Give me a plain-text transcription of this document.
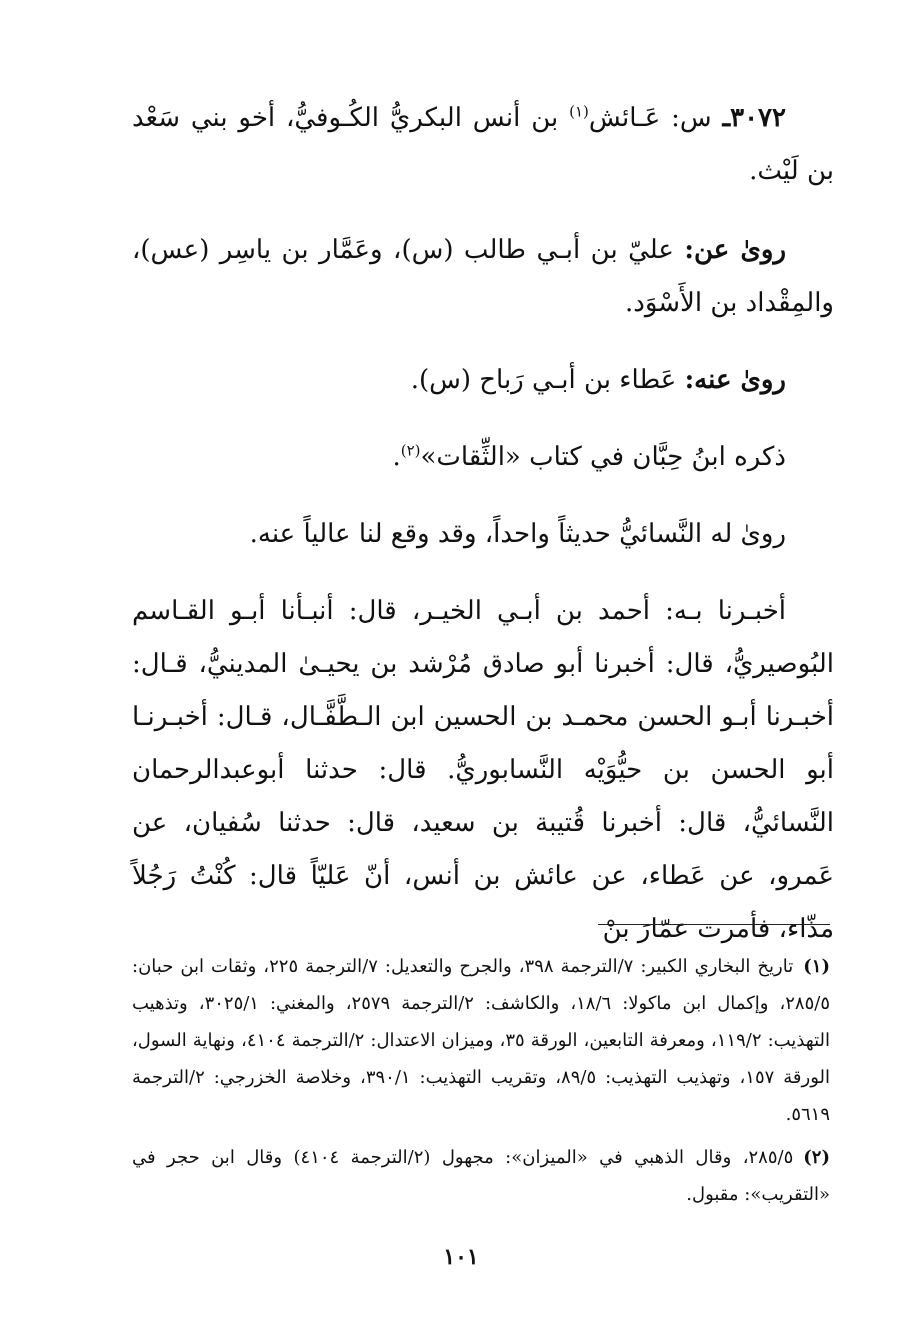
٣٠٧٢ـ س: عَـائش$^{(١)}$ بن أنس البكريُّ الكُـوفيُّ، أخو بني سَعْد بن لَيْث.

روىٰ عن: عليّ بن أبـي طالب (س)، وعَمَّار بن ياسِر (عس)، والمِقْداد بن الأَسْوَد.

روىٰ عنه: عَطاء بن أبـي رَباح (س).

ذكره ابنُ حِبَّان في كتاب «الثِّقات»$^{(٢)}$.

روىٰ له النَّسائيُّ حديثاً واحداً، وقد وقع لنا عالياً عنه.

أخبـرنا بـه: أحمد بن أبـي الخيـر، قال: أنبـأنا أبـو القـاسم البُوصيريُّ، قال: أخبرنا أبو صادق مُرْشد بن يحيـىٰ المدينيُّ، قـال: أخبـرنا أبـو الحسن محمـد بن الحسين ابن الـطَّفَّـال، قـال: أخبـرنـا أبو الحسن بن حيُّوَيْه النَّسابوريُّ. قال: حدثنا أبوعبدالرحمان النَّسائيُّ، قال: أخبرنا قُتيبة بن سعيد، قال: حدثنا سُفيان، عن عَمرو، عن عَطاء، عن عائش بن أنس، أنّ عَليّاً قال: كُنْتُ رَجُلاً مذّاء، فأمرت عمّارَ بنْ

(١)تاريخ البخاري الكبير: ٧/الترجمة ٣٩٨، والجرح والتعديل: ٧/الترجمة ٢٢٥، وثقات ابن حبان: ٢٨٥/٥، وإكمال ابن ماكولا: ١٨/٦، والكاشف: ٢/الترجمة ٢٥٧٩، والمغني: ٣٠٢٥/١، وتذهيب التهذيب: ١١٩/٢، ومعرفة التابعين، الورقة ٣٥، وميزان الاعتدال: ٢/الترجمة ٤١٠٤، ونهاية السول، الورقة ١٥٧، وتهذيب التهذيب: ٨٩/٥، وتقريب التهذيب: ٣٩٠/١، وخلاصة الخزرجي: ٢/الترجمة ٥٦١٩.

(٢)٢٨٥/٥، وقال الذهبي في «الميزان»: مجهول (٢/الترجمة ٤١٠٤) وقال ابن حجر في «التقريب»: مقبول.

١٠١
